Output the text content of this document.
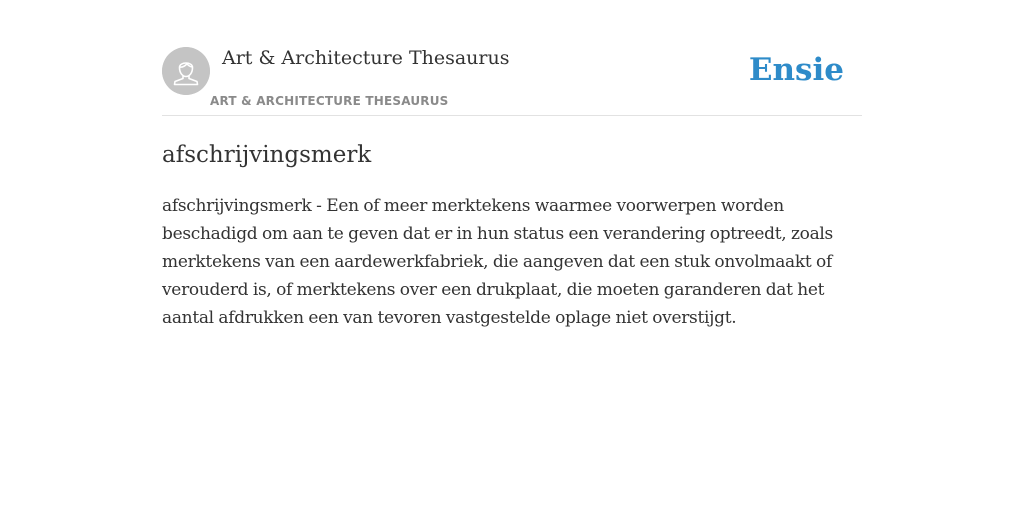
Art & Architecture Thesaurus
ART & ARCHITECTURE THESAURUS
Ensie
afschrijvingsmerk

afschrijvingsmerk - Een of meer merktekens waarmee voorwerpen worden beschadigd om aan te geven dat er in hun status een verandering optreedt, zoals merktekens van een aardewerkfabriek, die aangeven dat een stuk onvolmaakt of verouderd is, of merktekens over een drukplaat, die moeten garanderen dat het aantal afdrukken een van tevoren vastgestelde oplage niet overstijgt.
